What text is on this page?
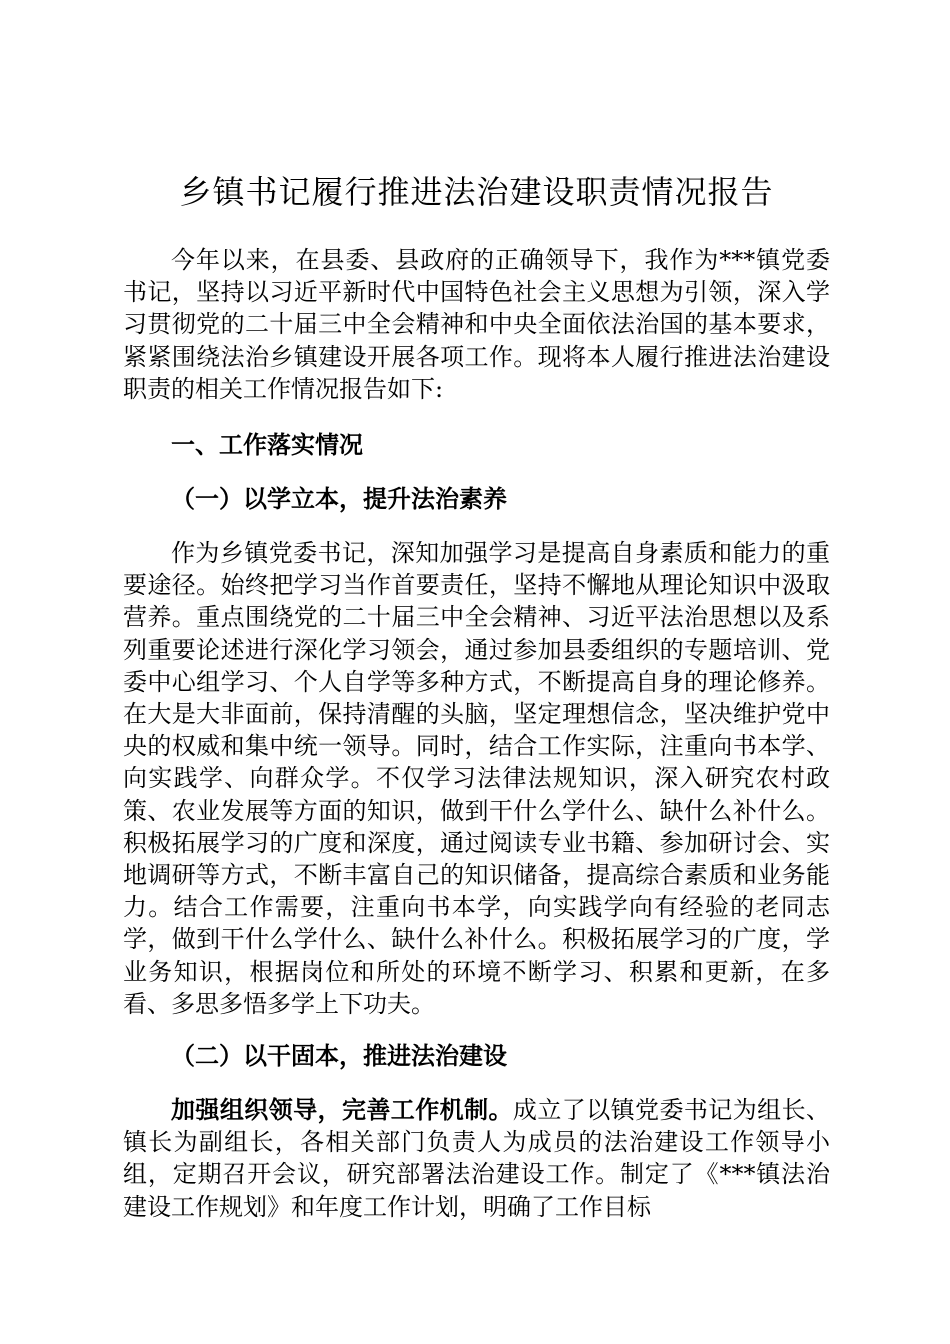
乡镇书记履行推进法治建设职责情况报告

今年以来，在县委、县政府的正确领导下，我作为***镇党委书记，坚持以习近平新时代中国特色社会主义思想为引领，深入学习贯彻党的二十届三中全会精神和中央全面依法治国的基本要求，紧紧围绕法治乡镇建设开展各项工作。现将本人履行推进法治建设职责的相关工作情况报告如下:

一、工作落实情况
（一）以学立本，提升法治素养

作为乡镇党委书记，深知加强学习是提高自身素质和能力的重要途径。始终把学习当作首要责任，坚持不懈地从理论知识中汲取营养。重点围绕党的二十届三中全会精神、习近平法治思想以及系列重要论述进行深化学习领会，通过参加县委组织的专题培训、党委中心组学习、个人自学等多种方式，不断提高自身的理论修养。在大是大非面前，保持清醒的头脑，坚定理想信念，坚决维护党中央的权威和集中统一领导。同时，结合工作实际，注重向书本学、向实践学、向群众学。不仅学习法律法规知识，深入研究农村政策、农业发展等方面的知识，做到干什么学什么、缺什么补什么。积极拓展学习的广度和深度，通过阅读专业书籍、参加研讨会、实地调研等方式，不断丰富自己的知识储备，提高综合素质和业务能力。结合工作需要，注重向书本学，向实践学向有经验的老同志学，做到干什么学什么、缺什么补什么。积极拓展学习的广度，学业务知识，根据岗位和所处的环境不断学习、积累和更新，在多看、多思多悟多学上下功夫。

（二）以干固本，推进法治建设

加强组织领导，完善工作机制。成立了以镇党委书记为组长、镇长为副组长，各相关部门负责人为成员的法治建设工作领导小组，定期召开会议，研究部署法治建设工作。制定了《***镇法治建设工作规划》和年度工作计划，明确了工作目标
